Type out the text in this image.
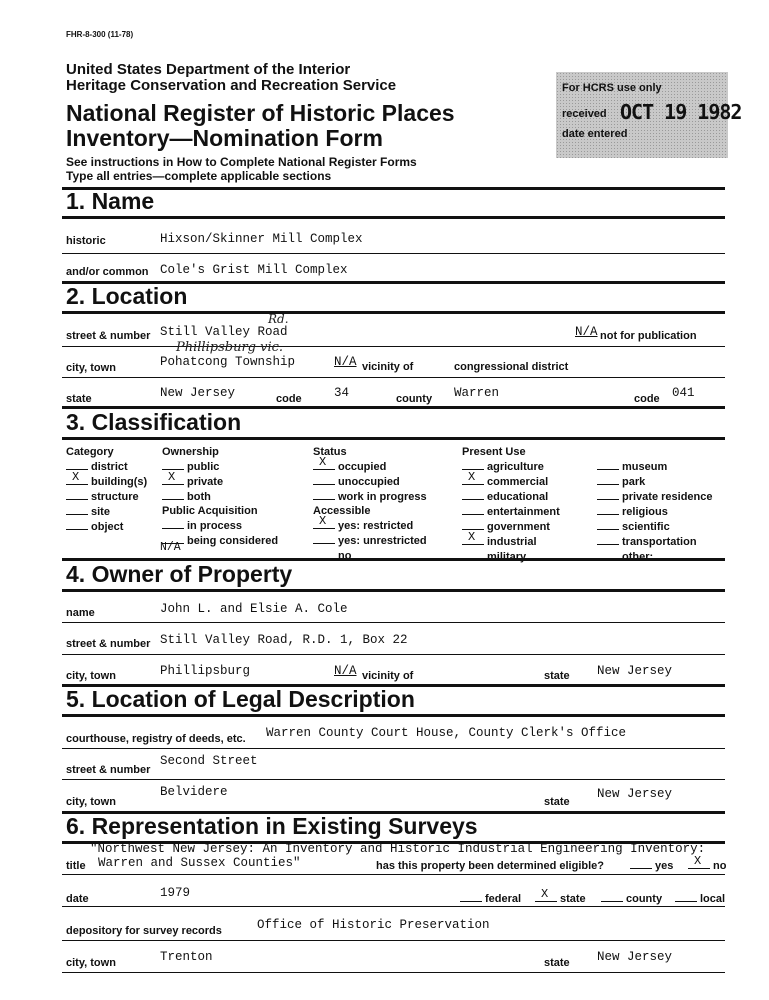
FHR-8-300 (11-78)
United States Department of the Interior
Heritage Conservation and Recreation Service
National Register of Historic Places
Inventory—Nomination Form
See instructions in How to Complete National Register Forms
Type all entries—complete applicable sections
For HCRS use only
received OCT 19 1982
date entered
1. Name
historic	Hixson/Skinner Mill Complex
and/or common Cole's Grist Mill Complex
2. Location
street & number Still Valley Road
Rd.
N/A not for publication
Phillipsburg vic.
city, town	Pohatcong Township	N/A vicinity of	congressional district
state	New Jersey	code	34	county Warren	code 041
3. Classification
Category
district
X building(s)
structure
site
object
Ownership
public
X private
both
Public Acquisition
in process
being considered
N/A
Status
X occupied
unoccupied
work in progress
Accessible
X yes: restricted
yes: unrestricted
no
Present Use
agriculture
X commercial
educational
entertainment
government
X industrial
military
museum
park
private residence
religious
scientific
transportation
other:
4. Owner of Property
name	John L. and Elsie A. Cole
street & number Still Valley Road, R.D. 1, Box 22
city, town	Phillipsburg	N/A vicinity of	state New Jersey
5. Location of Legal Description
courthouse, registry of deeds, etc. Warren County Court House, County Clerk's Office
street & number
Second Street
city, town
Belvidere
state
New Jersey
6. Representation in Existing Surveys
"Northwest New Jersey: An Inventory and Historic Industrial Engineering Inventory:
title Warren and Sussex Counties"	has this property been determined eligible?	yes X no
date	1979	federal X state	county	local
depository for survey records	Office of Historic Preservation
city, town	Trenton	state New Jersey
